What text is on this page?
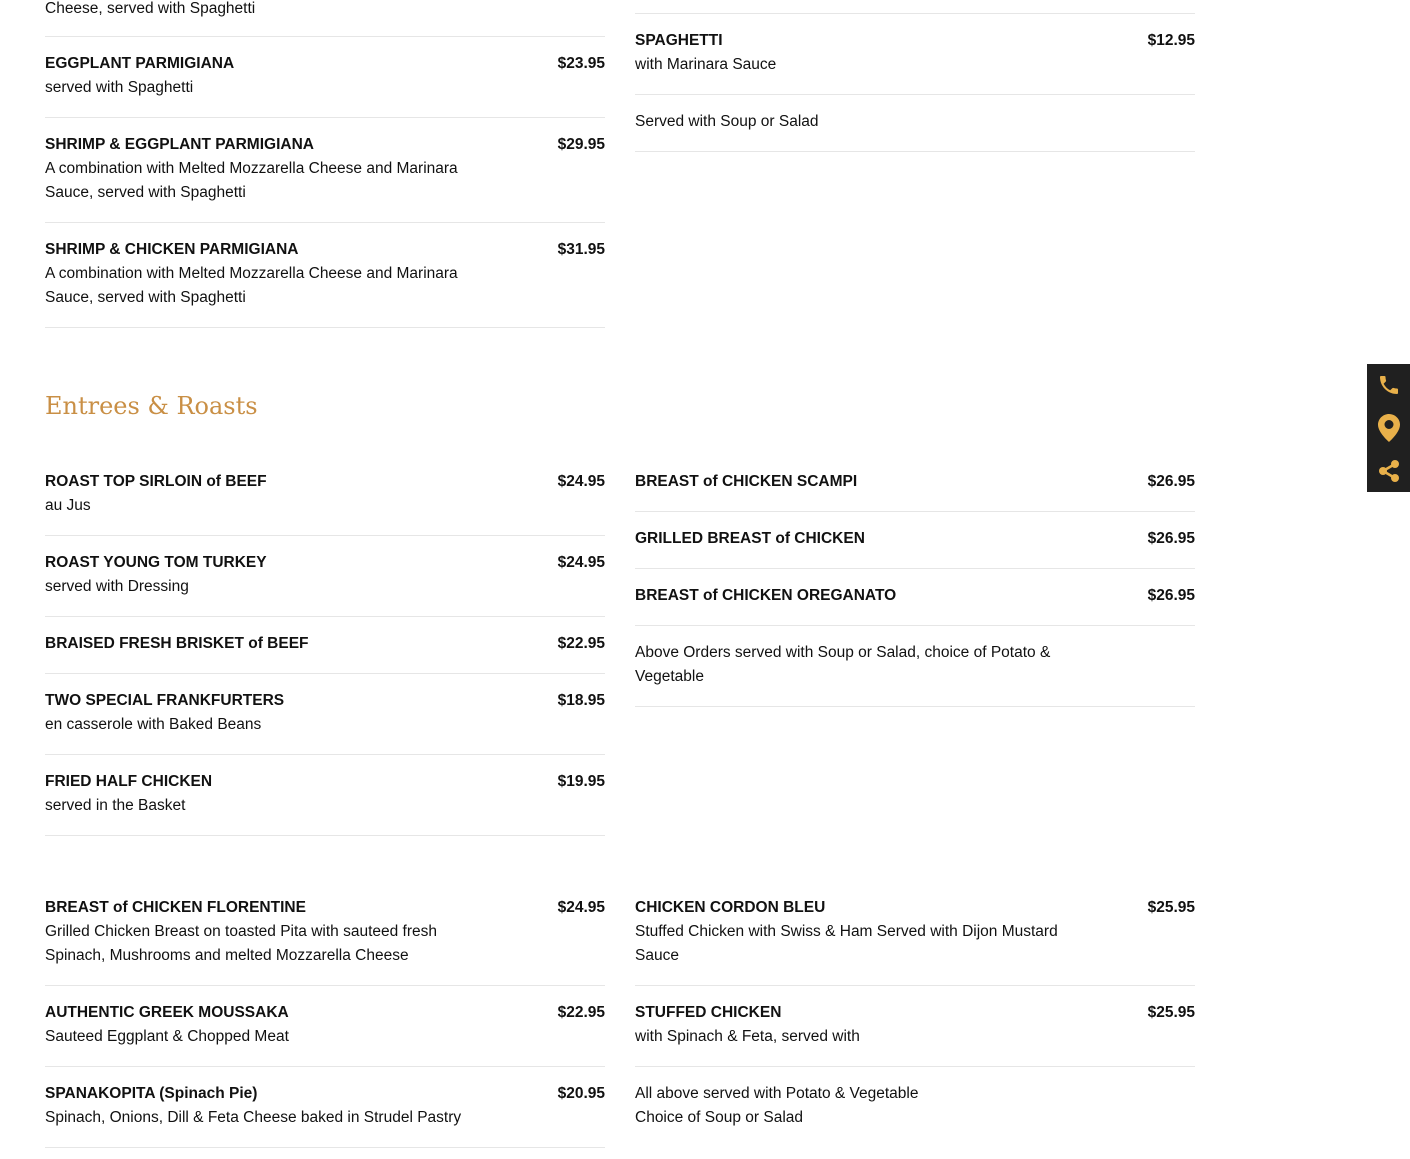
Cheese, served with Spaghetti
EGGPLANT PARMIGIANA
served with Spaghetti
$23.95
SHRIMP & EGGPLANT PARMIGIANA
A combination with Melted Mozzarella Cheese and Marinara Sauce, served with Spaghetti
$29.95
SHRIMP & CHICKEN PARMIGIANA
A combination with Melted Mozzarella Cheese and Marinara Sauce, served with Spaghetti
$31.95
SPAGHETTI
with Marinara Sauce
$12.95
Served with Soup or Salad
Entrees & Roasts
ROAST TOP SIRLOIN of BEEF
au Jus
$24.95
ROAST YOUNG TOM TURKEY
served with Dressing
$24.95
BRAISED FRESH BRISKET of BEEF	$22.95
TWO SPECIAL FRANKFURTERS
en casserole with Baked Beans
$18.95
FRIED HALF CHICKEN
served in the Basket
$19.95
BREAST of CHICKEN SCAMPI	$26.95
GRILLED BREAST of CHICKEN	$26.95
BREAST of CHICKEN OREGANATO	$26.95
Above Orders served with Soup or Salad, choice of Potato & Vegetable
BREAST of CHICKEN FLORENTINE
Grilled Chicken Breast on toasted Pita with sauteed fresh Spinach, Mushrooms and melted Mozzarella Cheese
$24.95
AUTHENTIC GREEK MOUSSAKA
Sauteed Eggplant & Chopped Meat
$22.95
SPANAKOPITA (Spinach Pie)
Spinach, Onions, Dill & Feta Cheese baked in Strudel Pastry
$20.95
CHICKEN CORDON BLEU
Stuffed Chicken with Swiss & Ham Served with Dijon Mustard Sauce
$25.95
STUFFED CHICKEN
with Spinach & Feta, served with
$25.95
All above served with Potato & Vegetable
Choice of Soup or Salad
